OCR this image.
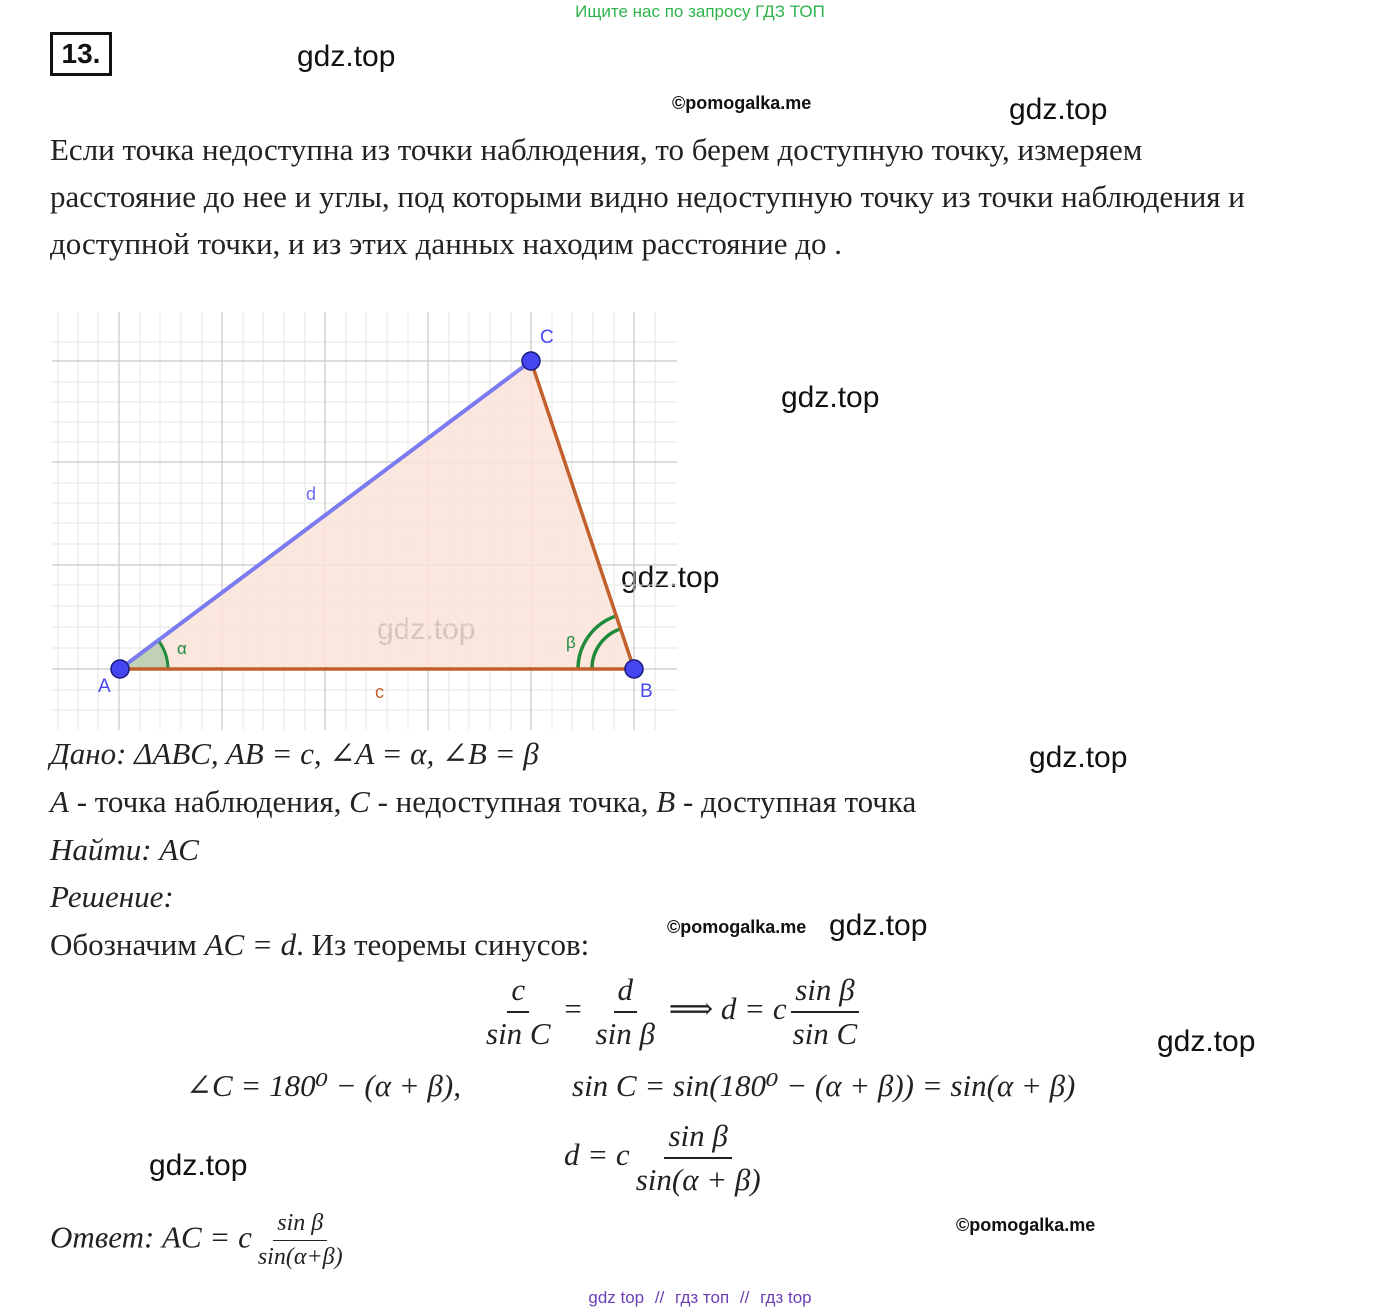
Ищите нас по запросу ГДЗ ТОП
13.	gdz.top
©pomogalka.me	gdz.top
gdz.top
gdz.top
gdz.top
©pomogalka.me gdz.top
gdz.top
gdz.top
©pomogalka.me
Если точка недоступна из точки наблюдения, то берем доступную точку, измеряем расстояние до нее и углы, под которыми видно недоступную точку из точки наблюдения и доступной точки, и из этих данных находим расстояние до .
A	B
C
d
c
α	β
Дано: ΔABC, AB = c, ∠A = α, ∠B = β
A - точка наблюдения, C - недоступная точка, B - доступная точка
Найти: AC
Решение:
Обозначим AC = d. Из теоремы синусов:
$\frac{c}{\text{sin C}} = \frac{d}{\text{sin β}}$ ⟹ d = c $\frac{\text{sin β}}{\text{sin C}}$
∠C = 180⁰ − (α + β),	sin C = sin(180⁰ − (α + β)) = sin(α + β)
d = c $\frac{\text{sin β}}{\sin(\alpha + \beta)}$
Ответ: AC = c $\frac{\text{sin β}}{\sin(\alpha+\beta)}$
gdz top // гдз топ // гдз top
